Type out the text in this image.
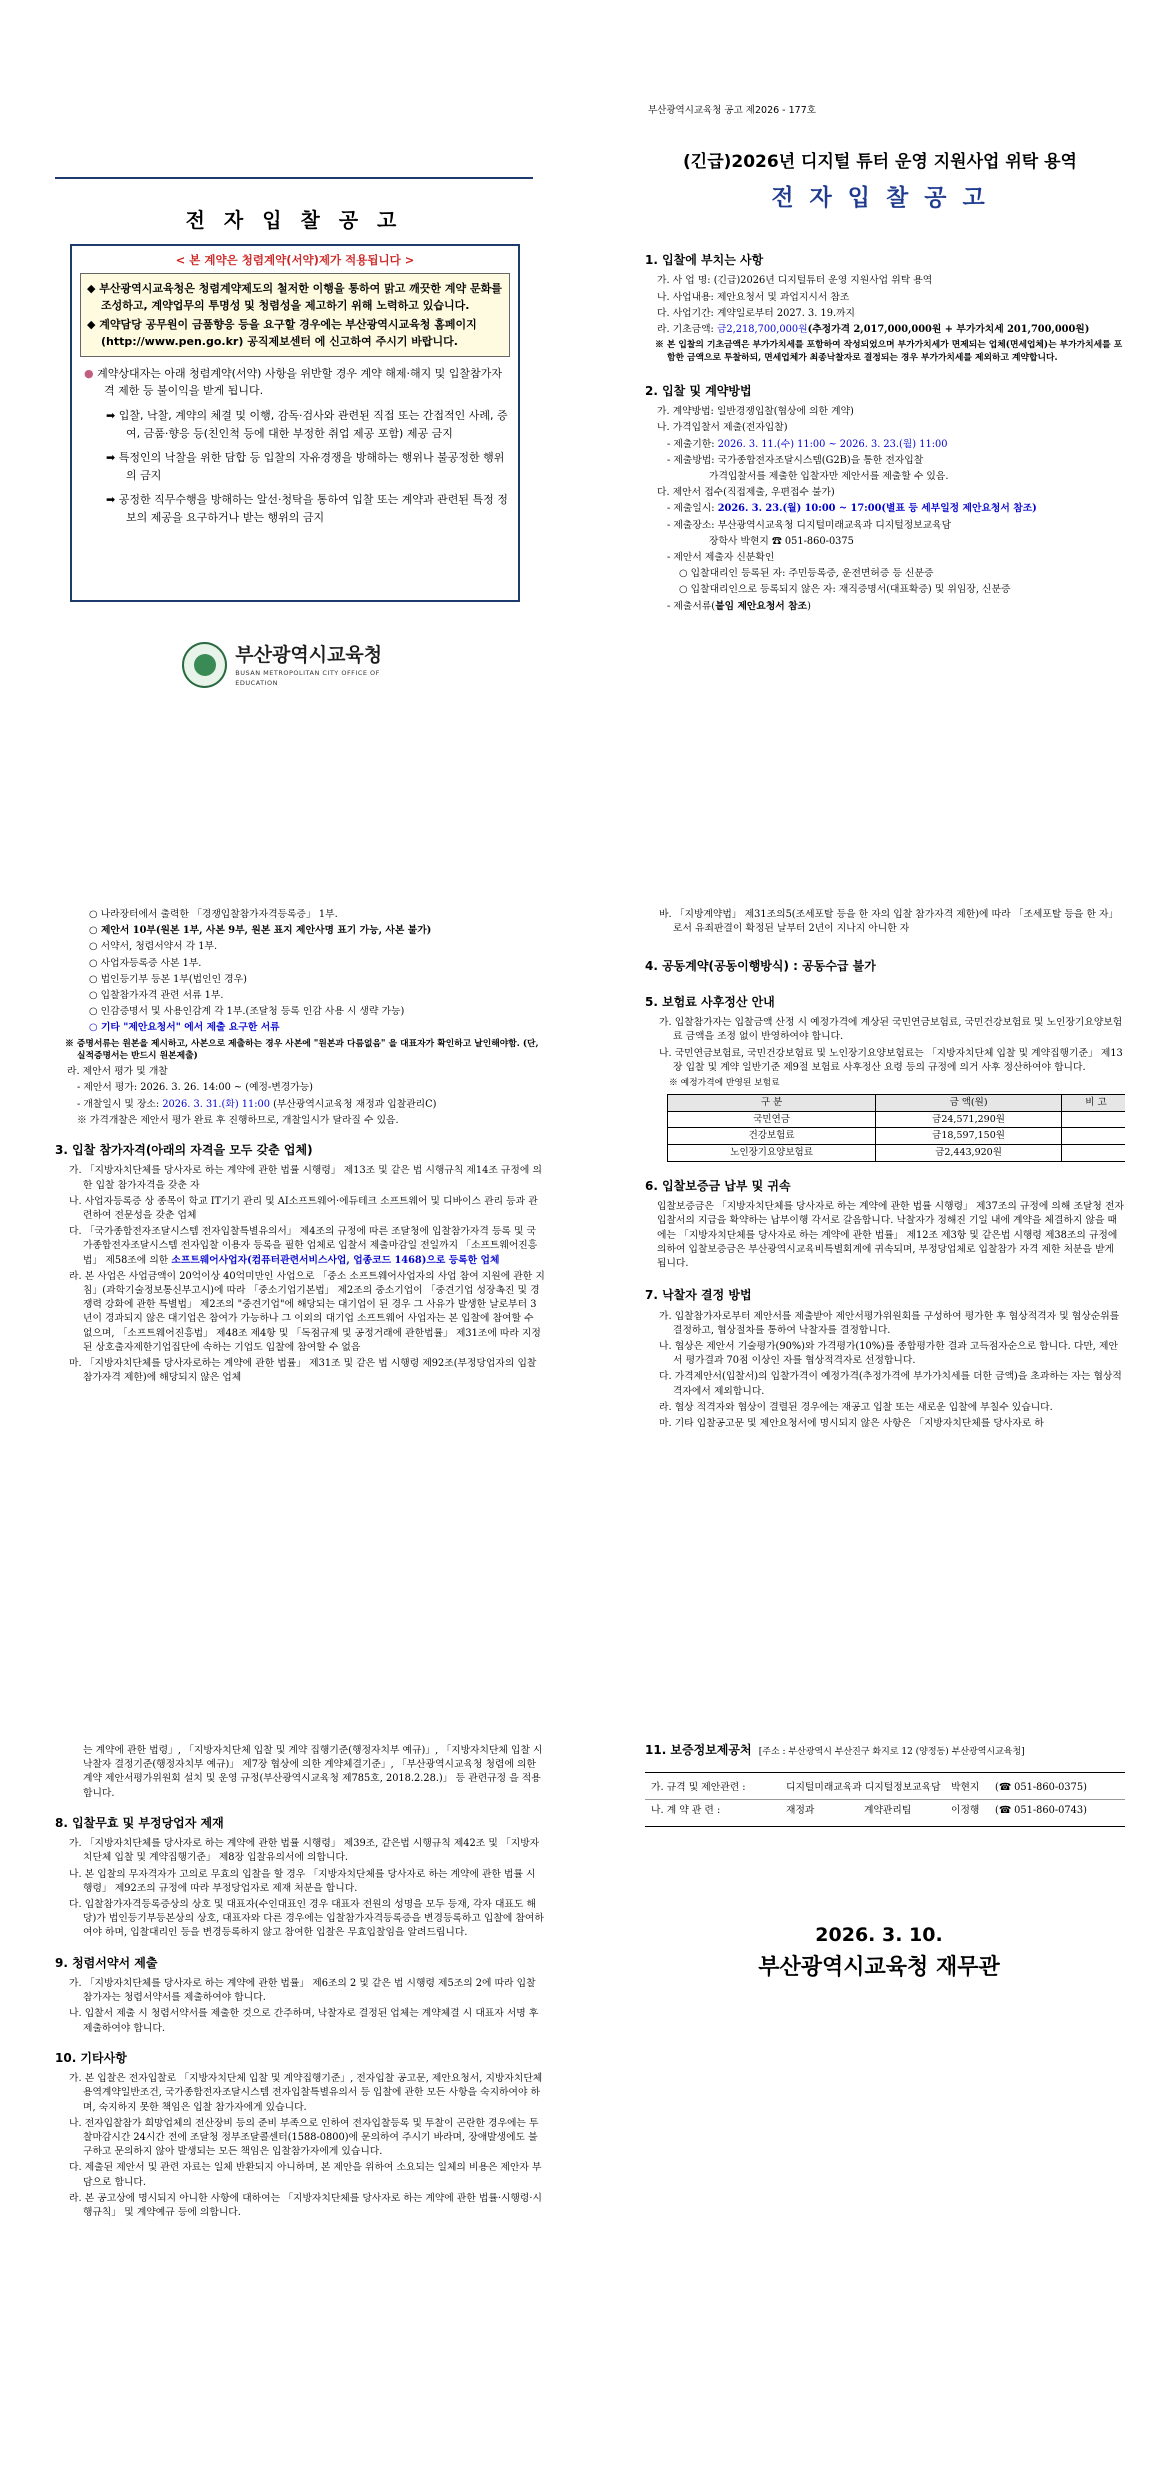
전 자 입 찰 공 고
< 본 계약은 청렴계약(서약)제가 적용됩니다 >
◆ 부산광역시교육청은 청렴계약제도의 철저한 이행을 통하여 맑고 깨끗한 계약 문화를 조성하고, 계약업무의 투명성 및 청렴성을 제고하기 위해 노력하고 있습니다.
◆ 계약담당 공무원이 금품향응 등을 요구할 경우에는 부산광역시교육청 홈페이지(http://www.pen.go.kr) 공직제보센터 에 신고하여 주시기 바랍니다.
● 계약상대자는 아래 청렴계약(서약) 사항을 위반할 경우 계약 해제·해지 및 입찰참가자격 제한 등 불이익을 받게 됩니다.
➡ 입찰, 낙찰, 계약의 체결 및 이행, 감독·검사와 관련된 직접 또는 간접적인 사례, 증여, 금품·향응 등(친인척 등에 대한 부정한 취업 제공 포함) 제공 금지
➡ 특정인의 낙찰을 위한 담합 등 입찰의 자유경쟁을 방해하는 행위나 불공정한 행위의 금지
➡ 공정한 직무수행을 방해하는 알선·청탁을 통하여 입찰 또는 계약과 관련된 특정 정보의 제공을 요구하거나 받는 행위의 금지
부산광역시교육청
BUSAN METROPOLITAN CITY OFFICE OF EDUCATION
부산광역시교육청 공고 제2026 - 177호
(긴급)2026년 디지털 튜터 운영 지원사업 위탁 용역
전 자 입 찰 공 고
1. 입찰에 부치는 사항
가. 사 업 명: (긴급)2026년 디지털튜터 운영 지원사업 위탁 용역
나. 사업내용: 제안요청서 및 과업지시서 참조
다. 사업기간: 계약일로부터 2027. 3. 19.까지
라. 기초금액: 금2,218,700,000원(추정가격 2,017,000,000원 + 부가가치세 201,700,000원)
※ 본 입찰의 기초금액은 부가가치세를 포함하여 작성되었으며 부가가치세가 면제되는 업체(면세업체)는 부가가치세를 포함한 금액으로 투찰하되, 면세업체가 최종낙찰자로 결정되는 경우 부가가치세를 제외하고 계약합니다.
2. 입찰 및 계약방법
가. 계약방법: 일반경쟁입찰(협상에 의한 계약)
나. 가격입찰서 제출(전자입찰)
- 제출기한: 2026. 3. 11.(수) 11:00 ~ 2026. 3. 23.(월) 11:00
- 제출방법: 국가종합전자조달시스템(G2B)을 통한 전자입찰
가격입찰서를 제출한 입찰자만 제안서를 제출할 수 있음.
다. 제안서 접수(직접제출, 우편접수 불가)
- 제출일시: 2026. 3. 23.(월) 10:00 ~ 17:00(별표 등 세부일정 제안요청서 참조)
- 제출장소: 부산광역시교육청 디지털미래교육과 디지털정보교육담
장학사 박현지 ☎ 051-860-0375
- 제안서 제출자 신분확인
○ 입찰대리인 등록된 자: 주민등록증, 운전면허증 등 신분증
○ 입찰대리인으로 등록되지 않은 자: 재직증명서(대표확증) 및 위임장, 신분증
- 제출서류(붙임 제안요청서 참조)
○ 나라장터에서 출력한 「경쟁입찰참가자격등록증」 1부.
○ 제안서 10부(원본 1부, 사본 9부, 원본 표지 제안사명 표기 가능, 사본 불가)
○ 서약서, 청렴서약서 각 1부.
○ 사업자등록증 사본 1부.
○ 법인등기부 등본 1부(법인인 경우)
○ 입찰참가자격 관련 서류 1부.
○ 인감증명서 및 사용인감계 각 1부.(조달청 등록 인감 사용 시 생략 가능)
○ 기타 "제안요청서" 에서 제출 요구한 서류
※ 증명서류는 원본을 제시하고, 사본으로 제출하는 경우 사본에 "원본과 다름없음" 을 대표자가 확인하고 날인해야함. (단, 실적증명서는 반드시 원본제출)
라. 제안서 평가 및 개찰
- 제안서 평가: 2026. 3. 26. 14:00 ~ (예정-변경가능)
- 개찰일시 및 장소: 2026. 3. 31.(화) 11:00 (부산광역시교육청 재정과 입찰관리C)
※ 가격개찰은 제안서 평가 완료 후 진행하므로, 개찰일시가 달라질 수 있음.
3. 입찰 참가자격(아래의 자격을 모두 갖춘 업체)
가. 「지방자치단체를 당사자로 하는 계약에 관한 법률 시행령」 제13조 및 같은 법 시행규칙 제14조 규정에 의한 입찰 참가자격을 갖춘 자
나. 사업자등록증 상 종목이 학교 IT기기 관리 및 AI소프트웨어·에듀테크 소프트웨어 및 디바이스 관리 등과 관련하여 전문성을 갖춘 업체
다. 「국가종합전자조달시스템 전자입찰특별유의서」 제4조의 규정에 따른 조달청에 입찰참가자격 등록 및 국가종합전자조달시스템 전자입찰 이용자 등록을 필한 업체로 입찰서 제출마감일 전일까지 「소프트웨어진흥법」 제58조에 의한 소프트웨어사업자(컴퓨터관련서비스사업, 업종코드 1468)으로 등록한 업체
라. 본 사업은 사업금액이 20억이상 40억미만인 사업으로 「중소 소프트웨어사업자의 사업 참여 지원에 관한 지침」(과학기술정보통신부고시)에 따라 「중소기업기본법」 제2조의 중소기업이 「중견기업 성장촉진 및 경쟁력 강화에 관한 특별법」 제2조의 "중견기업"에 해당되는 대기업이 된 경우 그 사유가 발생한 날로부터 3년이 경과되지 않은 대기업은 참여가 가능하나 그 이외의 대기업 소프트웨어 사업자는 본 입찰에 참여할 수 없으며, 「소프트웨어진흥법」 제48조 제4항 및 「독점규제 및 공정거래에 관한법률」 제31조에 따라 지정된 상호출자제한기업집단에 속하는 기업도 입찰에 참여할 수 없음
마. 「지방자치단체를 당사자로하는 계약에 관한 법률」 제31조 및 같은 법 시행령 제92조(부정당업자의 입찰참가자격 제한)에 해당되지 않은 업체
바. 「지방계약법」 제31조의5(조세포탈 등을 한 자의 입찰 참가자격 제한)에 따라 「조세포탈 등을 한 자」 로서 유죄판결이 확정된 날부터 2년이 지나지 아니한 자
4. 공동계약(공동이행방식) : 공동수급 불가
5. 보험료 사후정산 안내
가. 입찰참가자는 입찰금액 산정 시 예정가격에 계상된 국민연금보험료, 국민건강보험료 및 노인장기요양보험료 금액을 조정 없이 반영하여야 합니다.
나. 국민연금보험료, 국민건강보험료 및 노인장기요양보험료는 「지방자치단체 입찰 및 계약집행기준」 제13장 입찰 및 계약 일반기준 제9절 보험료 사후정산 요령 등의 규정에 의거 사후 정산하여야 합니다.
※ 예정가격에 반영된 보험료
구 분	금 액(원)	비 고
국민연금	금24,571,290원	
건강보험료	금18,597,150원	
노인장기요양보험료	금2,443,920원	
6. 입찰보증금 납부 및 귀속
입찰보증금은 「지방자치단체를 당사자로 하는 계약에 관한 법률 시행령」 제37조의 규정에 의해 조달청 전자입찰서의 지급을 확약하는 납부이행 각서로 갈음합니다. 낙찰자가 정해진 기일 내에 계약을 체결하지 않을 때에는 「지방자치단체를 당사자로 하는 계약에 관한 법률」 제12조 제3항 및 같은법 시행령 제38조의 규정에 의하여 입찰보증금은 부산광역시교육비특별회계에 귀속되며, 부정당업체로 입찰참가 자격 제한 처분을 받게 됩니다.
7. 낙찰자 결정 방법
가. 입찰참가자로부터 제안서를 제출받아 제안서평가위원회를 구성하여 평가한 후 협상적격자 및 협상순위를 결정하고, 협상절차를 통하여 낙찰자를 결정합니다.
나. 협상은 제안서 기술평가(90%)와 가격평가(10%)를 종합평가한 결과 고득점자순으로 합니다. 다만, 제안서 평가결과 70점 이상인 자를 협상적격자로 선정합니다.
다. 가격제안서(입찰서)의 입찰가격이 예정가격(추정가격에 부가가치세를 더한 금액)을 초과하는 자는 협상적격자에서 제외합니다.
라. 협상 적격자와 협상이 결렬된 경우에는 재공고 입찰 또는 새로운 입찰에 부칠수 있습니다.
마. 기타 입찰공고문 및 제안요청서에 명시되지 않은 사항은 「지방자치단체를 당사자로 하
는 계약에 관한 법령」, 「지방자치단체 입찰 및 계약 집행기준(행정자치부 예규)」, 「지방자치단체 입찰 시 낙찰자 결정기준(행정자치부 예규)」 제7장 협상에 의한 계약체결기준」, 「부산광역시교육청 청렴에 의한 계약 제안서평가위원회 설치 및 운영 규정(부산광역시교육청 제785호, 2018.2.28.)」 등 관련규정 을 적용합니다.
8. 입찰무효 및 부정당업자 제재
가. 「지방자치단체를 당사자로 하는 계약에 관한 법률 시행령」 제39조, 같은법 시행규칙 제42조 및 「지방자치단체 입찰 및 계약집행기준」 제8장 입찰유의서에 의합니다.
나. 본 입찰의 무자격자가 고의로 무효의 입찰을 할 경우 「지방자치단체를 당사자로 하는 계약에 관한 법률 시행령」 제92조의 규정에 따라 부정당업자로 제재 처분을 합니다.
다. 입찰참가자격등록증상의 상호 및 대표자(수인대표인 경우 대표자 전원의 성명을 모두 등재, 각자 대표도 해당)가 법인등기부등본상의 상호, 대표자와 다른 경우에는 입찰참가자격등록증을 변경등록하고 입찰에 참여하여야 하며, 입찰대리인 등을 변경등록하지 않고 참여한 입찰은 무효입찰임을 알려드립니다.
9. 청렴서약서 제출
가. 「지방자치단체를 당사자로 하는 계약에 관한 법률」 제6조의 2 및 같은 법 시행령 제5조의 2에 따라 입찰참가자는 청렴서약서를 제출하여야 합니다.
나. 입찰서 제출 시 청렴서약서를 제출한 것으로 간주하며, 낙찰자로 결정된 업체는 계약체결 시 대표자 서명 후 제출하여야 합니다.
10. 기타사항
가. 본 입찰은 전자입찰로 「지방자치단체 입찰 및 계약집행기준」, 전자입찰 공고문, 제안요청서, 지방자치단체 용역계약일반조건, 국가종합전자조달시스템 전자입찰특별유의서 등 입찰에 관한 모든 사항을 숙지하여야 하며, 숙지하지 못한 책임은 입찰 참가자에게 있습니다.
나. 전자입찰참가 희망업체의 전산장비 등의 준비 부족으로 인하여 전자입찰등록 및 투찰이 곤란한 경우에는 투찰마감시간 24시간 전에 조달청 정부조달콜센터(1588-0800)에 문의하여 주시기 바라며, 장애발생에도 불구하고 문의하지 않아 발생되는 모든 책임은 입찰참가자에게 있습니다.
다. 제출된 제안서 및 관련 자료는 일체 반환되지 아니하며, 본 제안을 위하여 소요되는 일체의 비용은 제안자 부담으로 합니다.
라. 본 공고상에 명시되지 아니한 사항에 대하여는 「지방자치단체를 당사자로 하는 계약에 관한 법률·시행령·시행규칙」 및 계약예규 등에 의합니다.
11. 보증정보제공처 [주소 : 부산광역시 부산진구 화지로 12 (양정동) 부산광역시교육청]
가. 규격 및 제안관련 :	디지털미래교육과 디지털정보교육담	박현지	(☎ 051-860-0375)
나. 계 약 관 련 :	재정과	계약관리팀	이정행	(☎ 051-860-0743)
2026. 3. 10.
부산광역시교육청 재무관
